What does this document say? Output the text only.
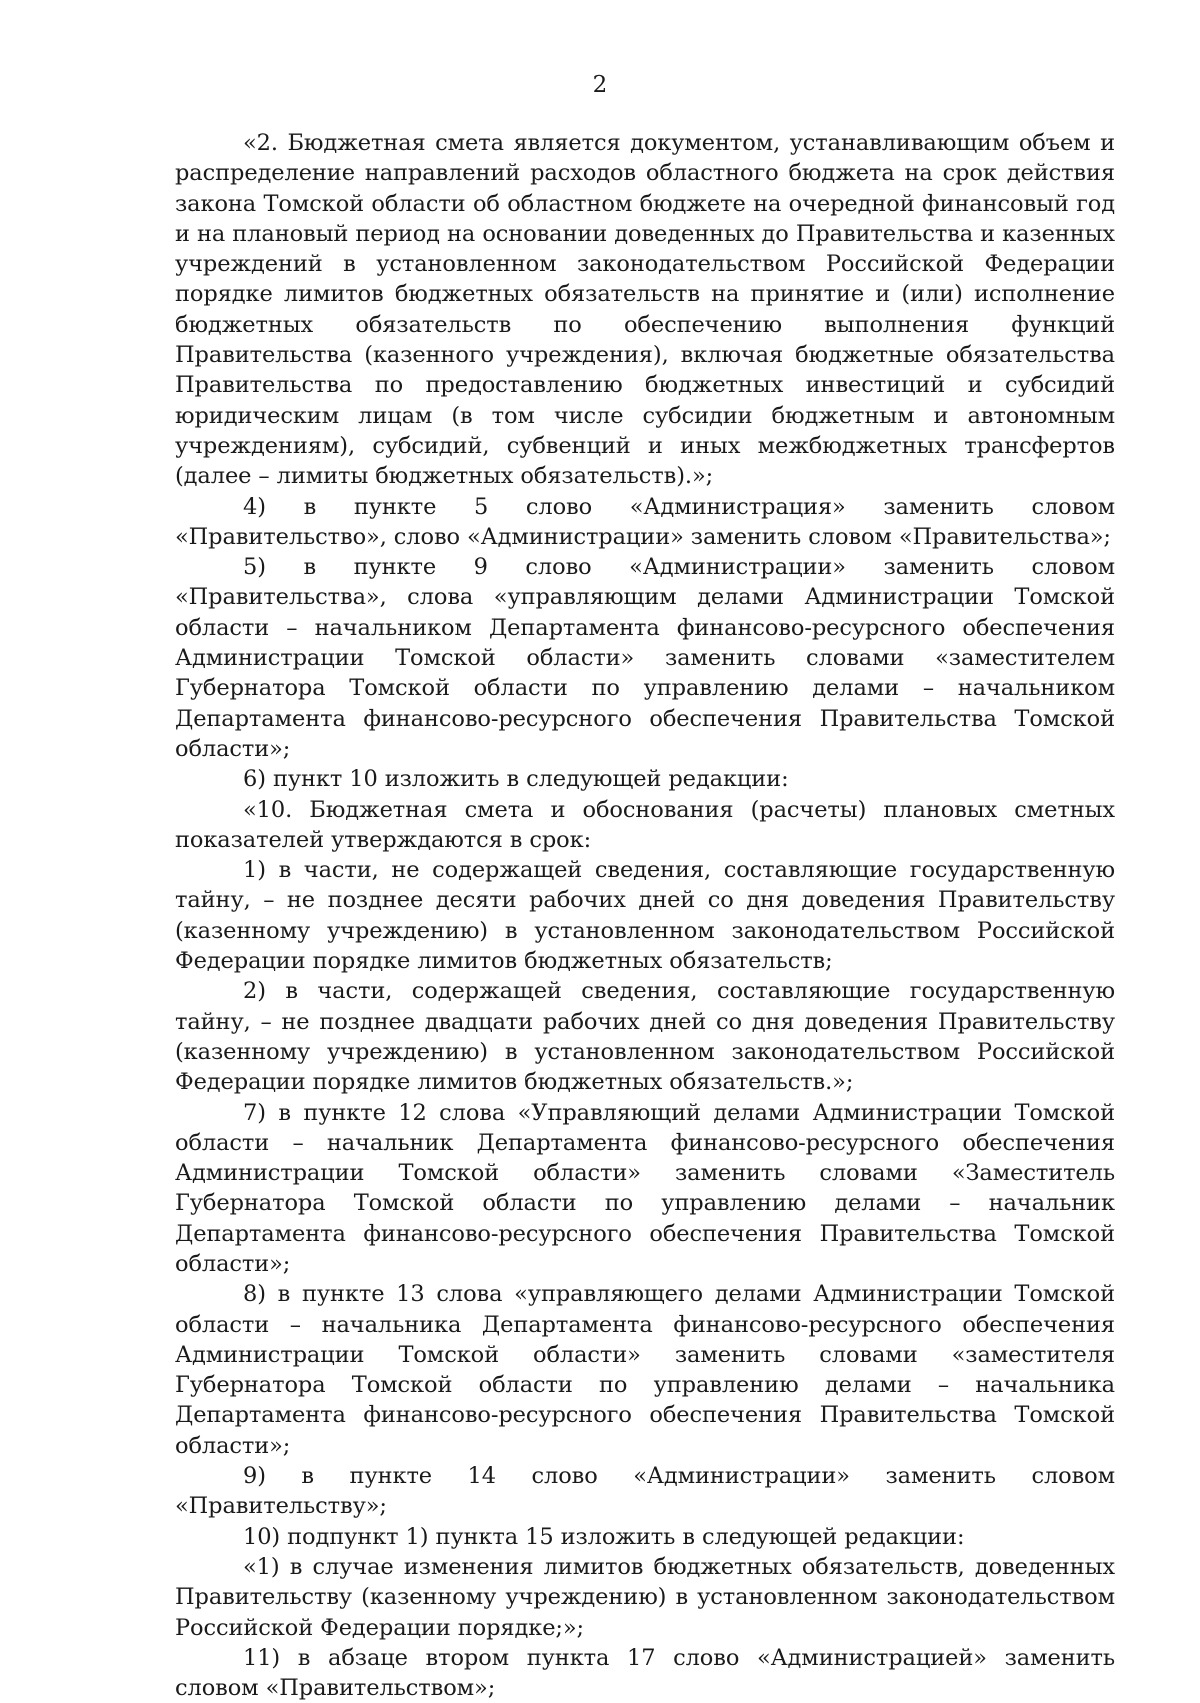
2

«2. Бюджетная смета является документом, устанавливающим объем и распределение направлений расходов областного бюджета на срок действия закона Томской области об областном бюджете на очередной финансовый год и на плановый период на основании доведенных до Правительства и казенных учреждений в установленном законодательством Российской Федерации порядке лимитов бюджетных обязательств на принятие и (или) исполнение бюджетных обязательств по обеспечению выполнения функций Правительства (казенного учреждения), включая бюджетные обязательства Правительства по предоставлению бюджетных инвестиций и субсидий юридическим лицам (в том числе субсидии бюджетным и автономным учреждениям), субсидий, субвенций и иных межбюджетных трансфертов (далее – лимиты бюджетных обязательств).»;

4) в пункте 5 слово «Администрация» заменить словом «Правительство», слово «Администрации» заменить словом «Правительства»;

5) в пункте 9 слово «Администрации» заменить словом «Правительства», слова «управляющим делами Администрации Томской области – начальником Департамента финансово-ресурсного обеспечения Администрации Томской области» заменить словами «заместителем Губернатора Томской области по управлению делами – начальником Департамента финансово-ресурсного обеспечения Правительства Томской области»;

6) пункт 10 изложить в следующей редакции:

«10. Бюджетная смета и обоснования (расчеты) плановых сметных показателей утверждаются в срок:

1) в части, не содержащей сведения, составляющие государственную тайну, – не позднее десяти рабочих дней со дня доведения Правительству (казенному учреждению) в установленном законодательством Российской Федерации порядке лимитов бюджетных обязательств;

2) в части, содержащей сведения, составляющие государственную тайну, – не позднее двадцати рабочих дней со дня доведения Правительству (казенному учреждению) в установленном законодательством Российской Федерации порядке лимитов бюджетных обязательств.»;

7) в пункте 12 слова «Управляющий делами Администрации Томской области – начальник Департамента финансово-ресурсного обеспечения Администрации Томской области» заменить словами «Заместитель Губернатора Томской области по управлению делами – начальник Департамента финансово-ресурсного обеспечения Правительства Томской области»;

8) в пункте 13 слова «управляющего делами Администрации Томской области – начальника Департамента финансово-ресурсного обеспечения Администрации Томской области» заменить словами «заместителя Губернатора Томской области по управлению делами – начальника Департамента финансово-ресурсного обеспечения Правительства Томской области»;

9) в пункте 14 слово «Администрации» заменить словом «Правительству»;

10) подпункт 1) пункта 15 изложить в следующей редакции:

«1) в случае изменения лимитов бюджетных обязательств, доведенных Правительству (казенному учреждению) в установленном законодательством Российской Федерации порядке;»;

11) в абзаце втором пункта 17 слово «Администрацией» заменить словом «Правительством»;
